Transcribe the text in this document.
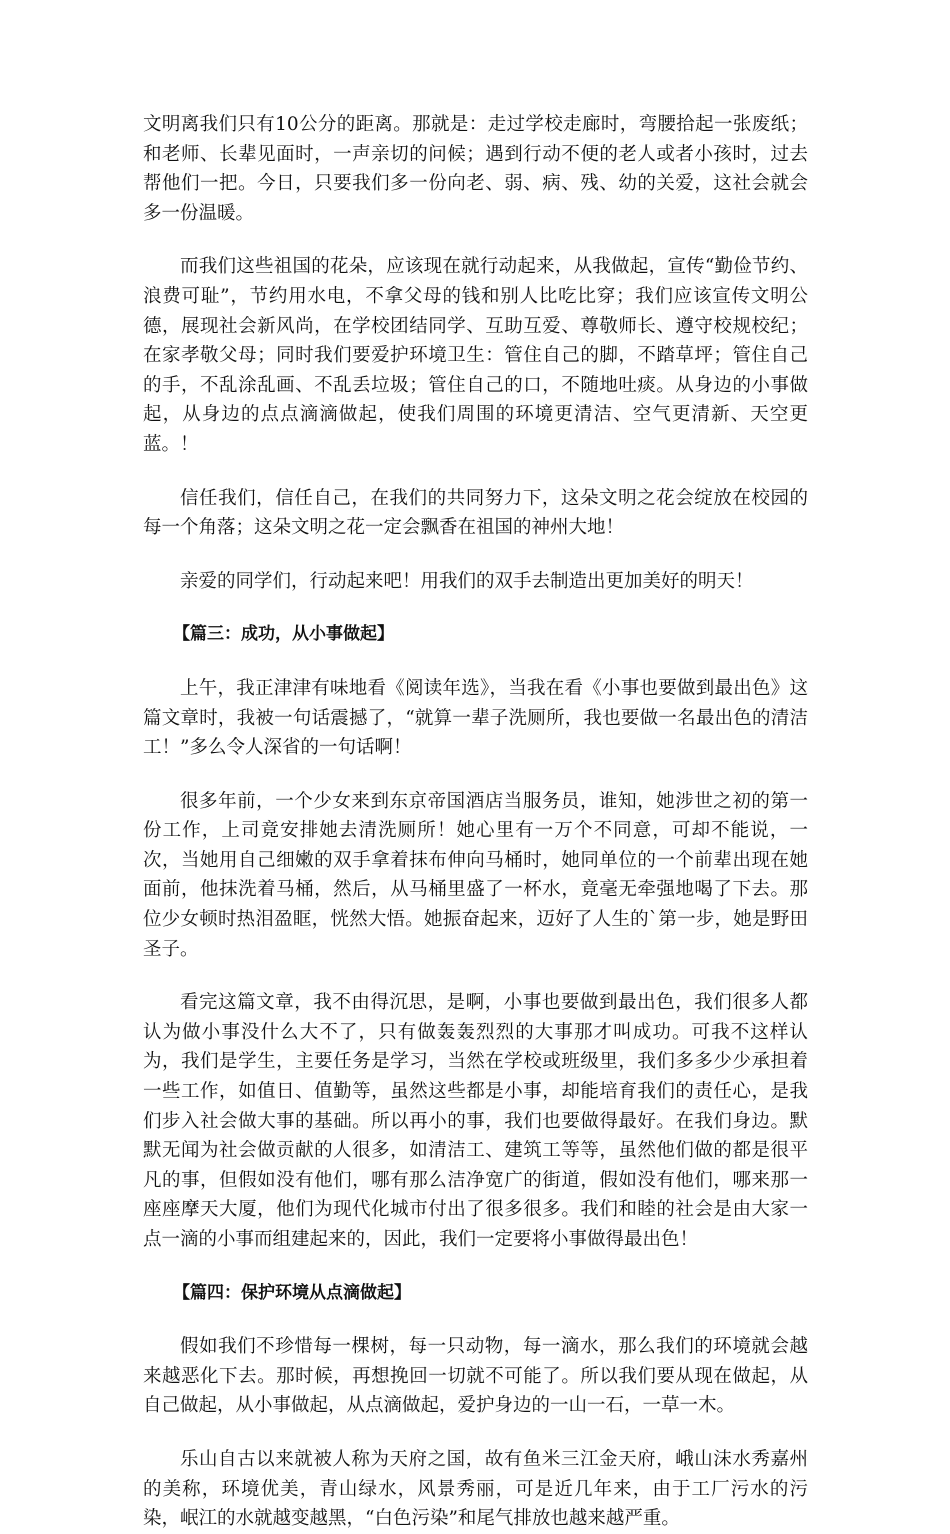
文明离我们只有10公分的距离。那就是：走过学校走廊时，弯腰拾起一张废纸；和老师、长辈见面时，一声亲切的问候；遇到行动不便的老人或者小孩时，过去帮他们一把。今日，只要我们多一份向老、弱、病、残、幼的关爱，这社会就会多一份温暖。

而我们这些祖国的花朵，应该现在就行动起来，从我做起，宣传“勤俭节约、浪费可耻”，节约用水电，不拿父母的钱和别人比吃比穿；我们应该宣传文明公德，展现社会新风尚，在学校团结同学、互助互爱、尊敬师长、遵守校规校纪；在家孝敬父母；同时我们要爱护环境卫生：管住自己的脚，不踏草坪；管住自己的手，不乱涂乱画、不乱丢垃圾；管住自己的口，不随地吐痰。从身边的小事做起，从身边的点点滴滴做起，使我们周围的环境更清洁、空气更清新、天空更蓝。！

信任我们，信任自己，在我们的共同努力下，这朵文明之花会绽放在校园的每一个角落；这朵文明之花一定会飘香在祖国的神州大地！

亲爱的同学们，行动起来吧！用我们的双手去制造出更加美好的明天！

【篇三：成功，从小事做起】

上午，我正津津有味地看《阅读年选》，当我在看《小事也要做到最出色》这篇文章时，我被一句话震撼了，“就算一辈子洗厕所，我也要做一名最出色的清洁工！”多么令人深省的一句话啊！

很多年前，一个少女来到东京帝国酒店当服务员，谁知，她涉世之初的第一份工作，上司竟安排她去清洗厕所！她心里有一万个不同意，可却不能说，一次，当她用自己细嫩的双手拿着抹布伸向马桶时，她同单位的一个前辈出现在她面前，他抹洗着马桶，然后，从马桶里盛了一杯水，竟毫无牵强地喝了下去。那位少女顿时热泪盈眶，恍然大悟。她振奋起来，迈好了人生的`第一步，她是野田圣子。

看完这篇文章，我不由得沉思，是啊，小事也要做到最出色，我们很多人都认为做小事没什么大不了，只有做轰轰烈烈的大事那才叫成功。可我不这样认为，我们是学生，主要任务是学习，当然在学校或班级里，我们多多少少承担着一些工作，如值日、值勤等，虽然这些都是小事，却能培育我们的责任心，是我们步入社会做大事的基础。所以再小的事，我们也要做得最好。在我们身边。默默无闻为社会做贡献的人很多，如清洁工、建筑工等等，虽然他们做的都是很平凡的事，但假如没有他们，哪有那么洁净宽广的街道，假如没有他们，哪来那一座座摩天大厦，他们为现代化城市付出了很多很多。我们和睦的社会是由大家一点一滴的小事而组建起来的，因此，我们一定要将小事做得最出色！

【篇四：保护环境从点滴做起】

假如我们不珍惜每一棵树，每一只动物，每一滴水，那么我们的环境就会越来越恶化下去。那时候，再想挽回一切就不可能了。所以我们要从现在做起，从自己做起，从小事做起，从点滴做起，爱护身边的一山一石，一草一木。

乐山自古以来就被人称为天府之国，故有鱼米三江金天府，峨山沫水秀嘉州的美称，环境优美，青山绿水，风景秀丽，可是近几年来，由于工厂污水的污染，岷江的水就越变越黑，“白色污染”和尾气排放也越来越严重。
